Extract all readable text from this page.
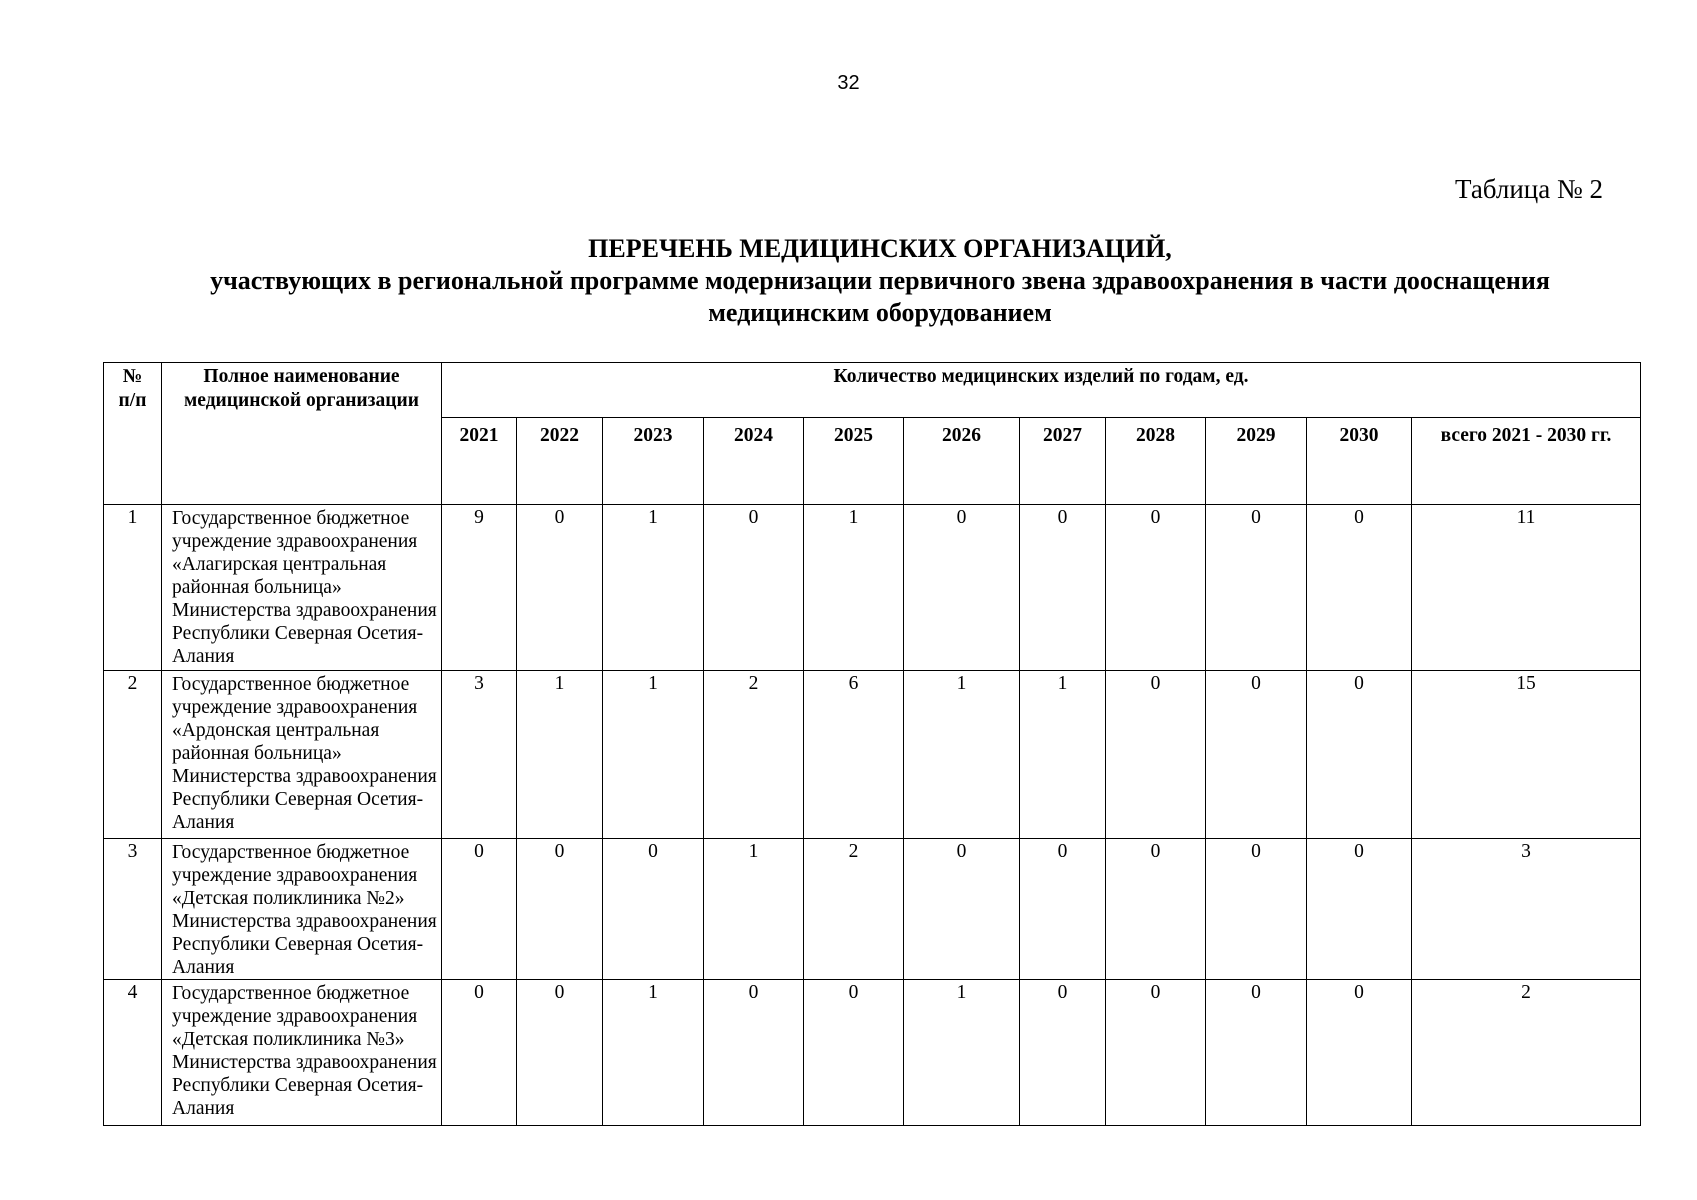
32
Таблица № 2
ПЕРЕЧЕНЬ МЕДИЦИНСКИХ ОРГАНИЗАЦИЙ,
участвующих в региональной программе модернизации первичного звена здравоохранения в части дооснащения
медицинским оборудованием
№ п/п	Полное наименование медицинской организации	Количество медицинских изделий по годам, ед.										
		2021	2022	2023	2024	2025	2026	2027	2028	2029	2030	всего 2021 - 2030 гг.
1	Государственное бюджетное учреждение здравоохранения «Алагирская центральная районная больница» Министерства здравоохранения Республики Северная Осетия-Алания	9	0	1	0	1	0	0	0	0	0	11
2	Государственное бюджетное учреждение здравоохранения «Ардонская центральная районная больница» Министерства здравоохранения Республики Северная Осетия-Алания	3	1	1	2	6	1	1	0	0	0	15
3	Государственное бюджетное учреждение здравоохранения «Детская поликлиника №2» Министерства здравоохранения Республики Северная Осетия-Алания	0	0	0	1	2	0	0	0	0	0	3
4	Государственное бюджетное учреждение здравоохранения «Детская поликлиника №3» Министерства здравоохранения Республики Северная Осетия-Алания	0	0	1	0	0	1	0	0	0	0	2
